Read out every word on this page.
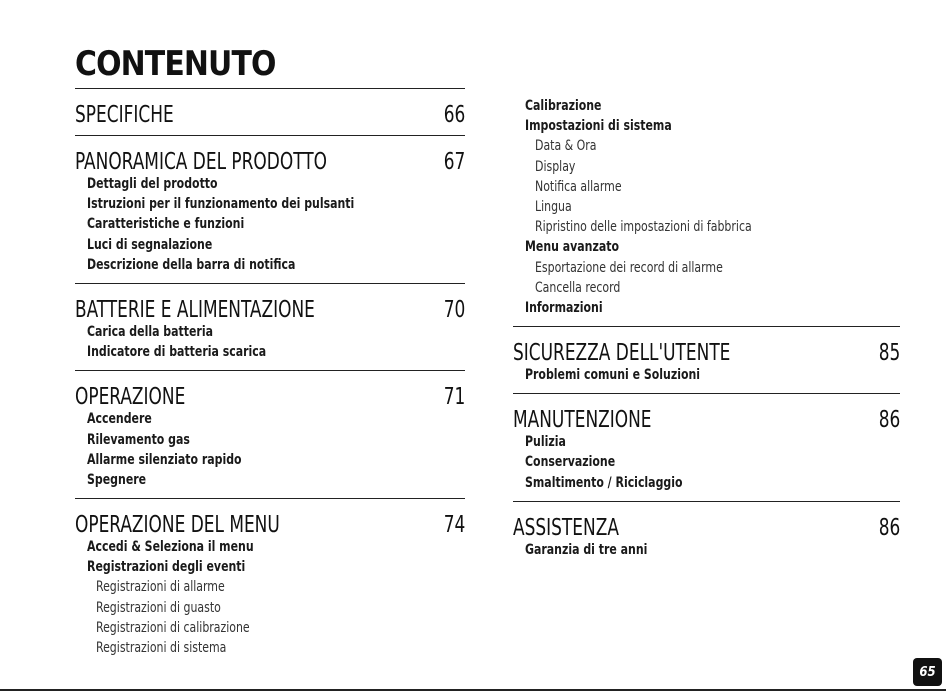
CONTENUTO
SPECIFICHE	66
PANORAMICA DEL PRODOTTO	67
Dettagli del prodotto
Istruzioni per il funzionamento dei pulsanti
Caratteristiche e funzioni
Luci di segnalazione
Descrizione della barra di notifica
BATTERIE E ALIMENTAZIONE	70
Carica della batteria
Indicatore di batteria scarica
OPERAZIONE	71
Accendere
Rilevamento gas
Allarme silenziato rapido
Spegnere
OPERAZIONE DEL MENU	74
Accedi & Seleziona il menu
Registrazioni degli eventi
Registrazioni di allarme
Registrazioni di guasto
Registrazioni di calibrazione
Registrazioni di sistema
Calibrazione
Impostazioni di sistema
Data & Ora
Display
Notifica allarme
Lingua
Ripristino delle impostazioni di fabbrica
Menu avanzato
Esportazione dei record di allarme
Cancella record
Informazioni
SICUREZZA DELL'UTENTE	85
Problemi comuni e Soluzioni
MANUTENZIONE	86
Pulizia
Conservazione
Smaltimento / Riciclaggio
ASSISTENZA	86
Garanzia di tre anni
65
